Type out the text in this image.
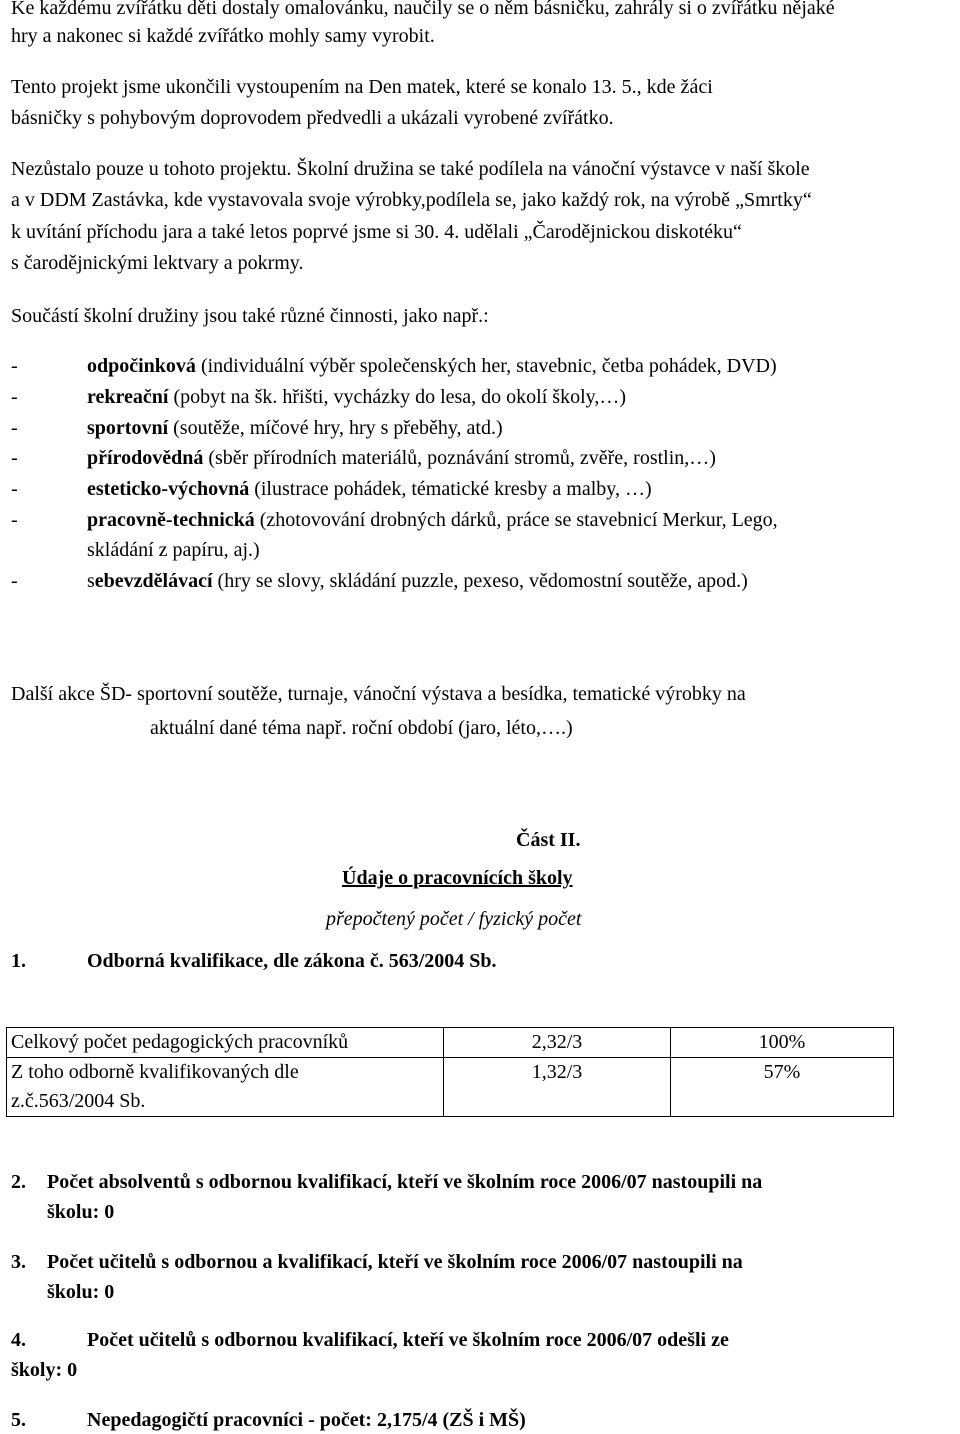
Ke každému zvířátku děti dostaly omalovánku, naučily se o něm básničku, zahrály si o zvířátku nějaké
hry a nakonec si každé zvířátko mohly samy vyrobit.
Tento projekt jsme ukončili vystoupením na Den matek, které se konalo 13. 5., kde žáci
básničky s pohybovým doprovodem předvedli a ukázali vyrobené zvířátko.
Nezůstalo pouze u tohoto projektu. Školní družina se také podílela na vánoční výstavce v naší škole
a v DDM Zastávka, kde vystavovala svoje výrobky,podílela se, jako každý rok, na výrobě „Smrtky“
k uvítání příchodu jara a také letos poprvé jsme si 30. 4. udělali „Čarodějnickou diskotéku“
s čarodějnickými lektvary a pokrmy.
Součástí školní družiny jsou také různé činnosti, jako např.:
-	odpočinková (individuální výběr společenských her, stavebnic, četba pohádek, DVD)
-	rekreační (pobyt na šk. hřišti, vycházky do lesa, do okolí školy,…)
-	sportovní (soutěže, míčové hry, hry s přeběhy, atd.)
-	přírodovědná (sběr přírodních materiálů, poznávání stromů, zvěře, rostlin,…)
-	esteticko-výchovná (ilustrace pohádek, tématické kresby a malby, …)
-	pracovně-technická (zhotovování drobných dárků, práce se stavebnicí Merkur, Lego,
skládání z papíru, aj.)
-	sebevzdělávací (hry se slovy, skládání puzzle, pexeso, vědomostní soutěže, apod.)
Další akce ŠD- sportovní soutěže, turnaje, vánoční výstava a besídka, tematické výrobky na
aktuální dané téma např. roční období (jaro, léto,….)
Část II.
Údaje o pracovnících školy
přepočtený počet / fyzický počet
1.	Odborná kvalifikace, dle zákona č. 563/2004 Sb.
Celkový počet pedagogických pracovníků	2,32/3	100%

Z toho odborně kvalifikovaných dle
z.č.563/2004 Sb.	1,32/3	57%
2. Počet absolventů s odbornou kvalifikací, kteří ve školním roce 2006/07 nastoupili na
školu: 0
3. Počet učitelů s odbornou a kvalifikací, kteří ve školním roce 2006/07 nastoupili na
školu: 0
4.	Počet učitelů s odbornou kvalifikací, kteří ve školním roce 2006/07 odešli ze
školy: 0
5.	Nepedagogičtí pracovníci - počet: 2,175/4 (ZŠ i MŠ)
